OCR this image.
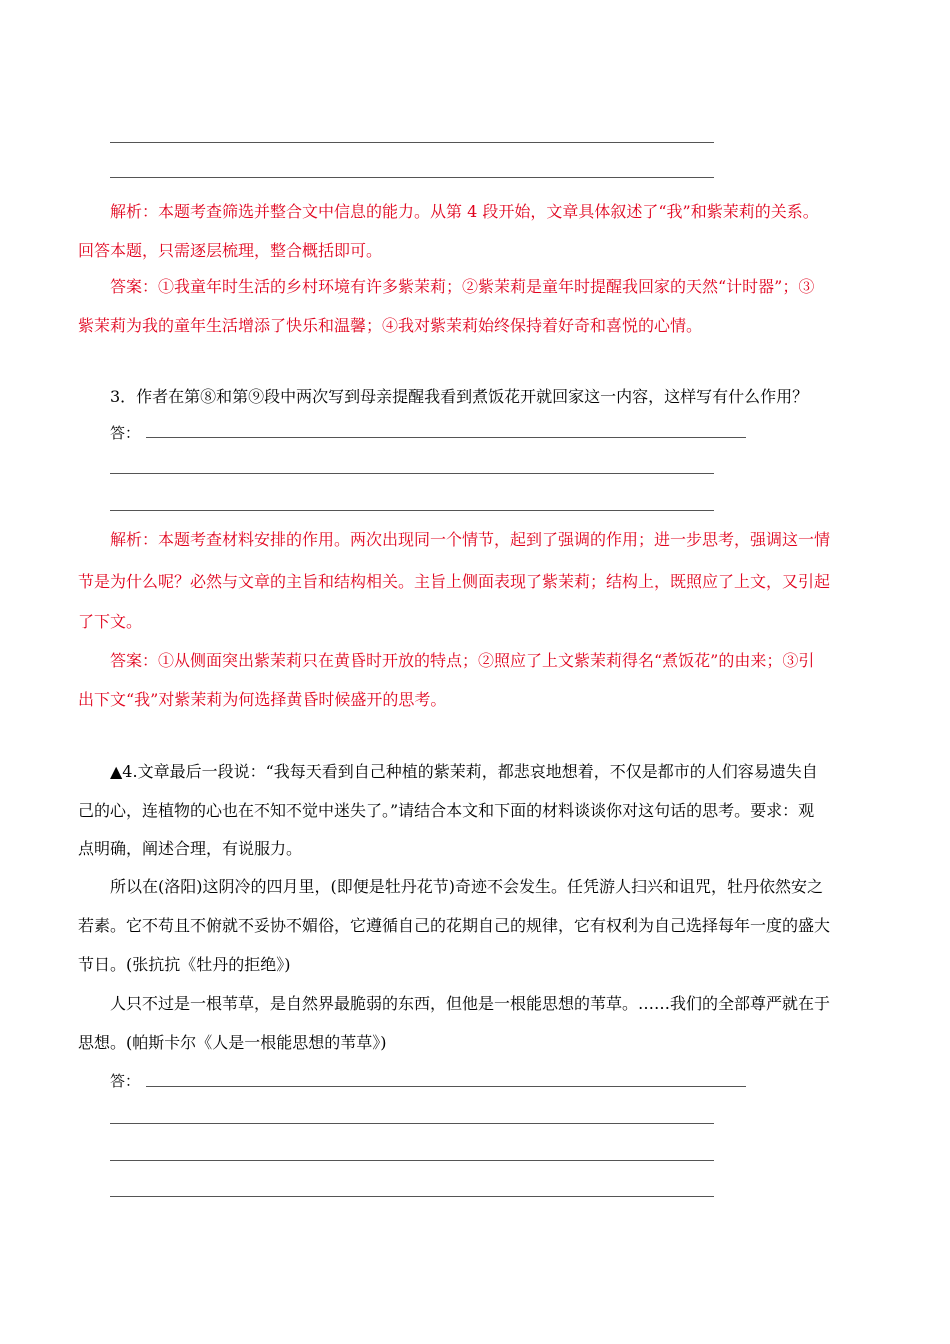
解析：本题考查筛选并整合文中信息的能力。从第 4 段开始，文章具体叙述了“我”和紫茉莉的关系。
回答本题，只需逐层梳理，整合概括即可。
答案：①我童年时生活的乡村环境有许多紫茉莉；②紫茉莉是童年时提醒我回家的天然“计时器”；③
紫茉莉为我的童年生活增添了快乐和温馨；④我对紫茉莉始终保持着好奇和喜悦的心情。
3．作者在第⑧和第⑨段中两次写到母亲提醒我看到煮饭花开就回家这一内容，这样写有什么作用？
答：
解析：本题考查材料安排的作用。两次出现同一个情节，起到了强调的作用；进一步思考，强调这一情
节是为什么呢？必然与文章的主旨和结构相关。主旨上侧面表现了紫茉莉；结构上，既照应了上文，又引起
了下文。
答案：①从侧面突出紫茉莉只在黄昏时开放的特点；②照应了上文紫茉莉得名“煮饭花”的由来；③引
出下文“我”对紫茉莉为何选择黄昏时候盛开的思考。
▲4.文章最后一段说：“我每天看到自己种植的紫茉莉，都悲哀地想着，不仅是都市的人们容易遗失自
己的心，连植物的心也在不知不觉中迷失了。”请结合本文和下面的材料谈谈你对这句话的思考。要求：观
点明确，阐述合理，有说服力。
所以在(洛阳)这阴冷的四月里，(即便是牡丹花节)奇迹不会发生。任凭游人扫兴和诅咒，牡丹依然安之
若素。它不苟且不俯就不妥协不媚俗，它遵循自己的花期自己的规律，它有权利为自己选择每年一度的盛大
节日。(张抗抗《牡丹的拒绝》)
人只不过是一根苇草，是自然界最脆弱的东西，但他是一根能思想的苇草。……我们的全部尊严就在于
思想。(帕斯卡尔《人是一根能思想的苇草》)
答：
